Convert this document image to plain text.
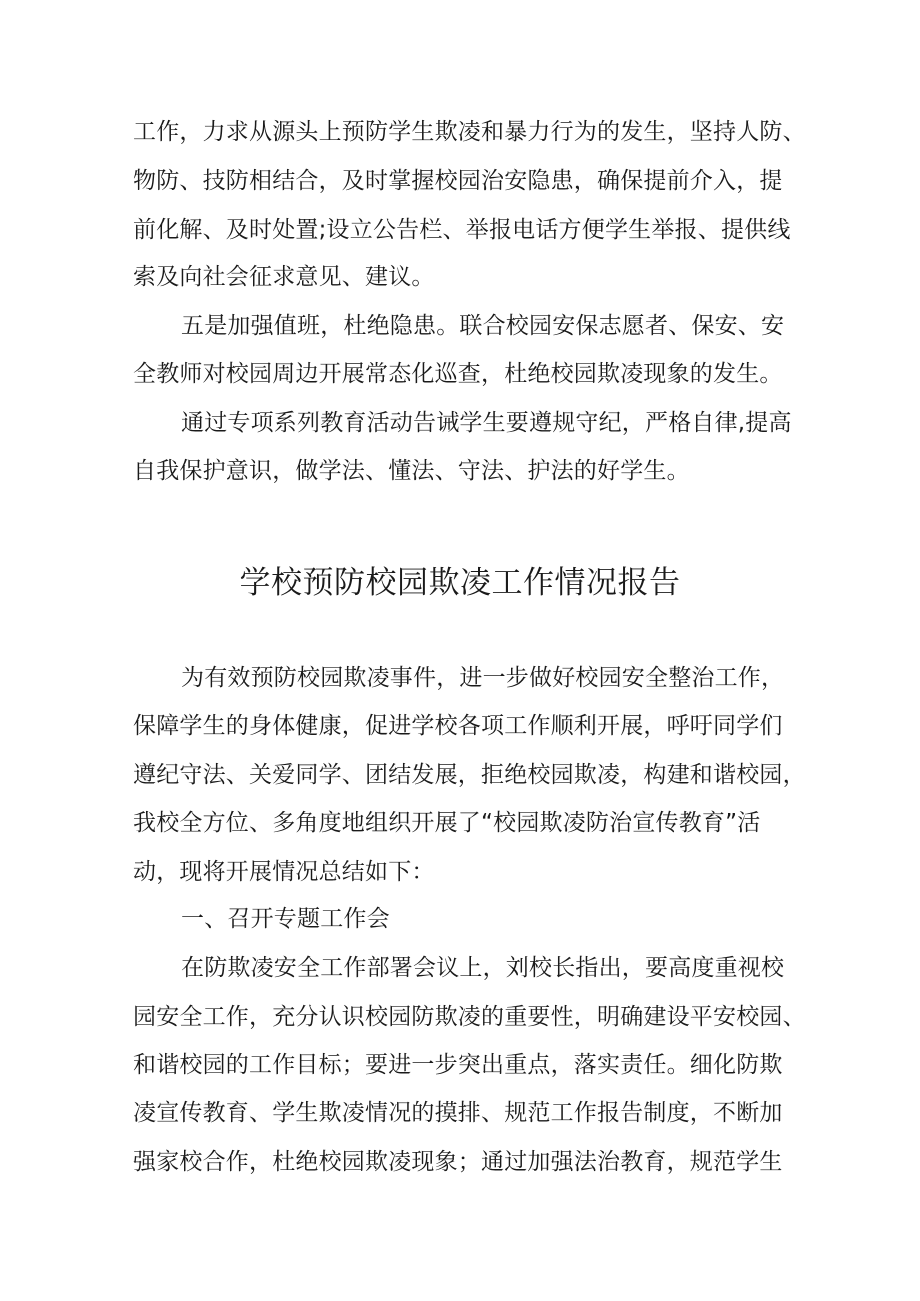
工作，力求从源头上预防学生欺凌和暴力行为的发生，坚持人防、
物防、技防相结合，及时掌握校园治安隐患，确保提前介入，提
前化解、及时处置;设立公告栏、举报电话方便学生举报、提供线
索及向社会征求意见、建议。
五是加强值班，杜绝隐患。联合校园安保志愿者、保安、安
全教师对校园周边开展常态化巡查，杜绝校园欺凌现象的发生。
通过专项系列教育活动告诫学生要遵规守纪，严格自律,提高
自我保护意识，做学法、懂法、守法、护法的好学生。
学校预防校园欺凌工作情况报告
为有效预防校园欺凌事件，进一步做好校园安全整治工作，
保障学生的身体健康，促进学校各项工作顺利开展，呼吁同学们
遵纪守法、关爱同学、团结发展，拒绝校园欺凌，构建和谐校园，
我校全方位、多角度地组织开展了“校园欺凌防治宣传教育”活
动，现将开展情况总结如下：
一、召开专题工作会
在防欺凌安全工作部署会议上，刘校长指出，要高度重视校
园安全工作，充分认识校园防欺凌的重要性，明确建设平安校园、
和谐校园的工作目标；要进一步突出重点，落实责任。细化防欺
凌宣传教育、学生欺凌情况的摸排、规范工作报告制度，不断加
强家校合作，杜绝校园欺凌现象；通过加强法治教育，规范学生
